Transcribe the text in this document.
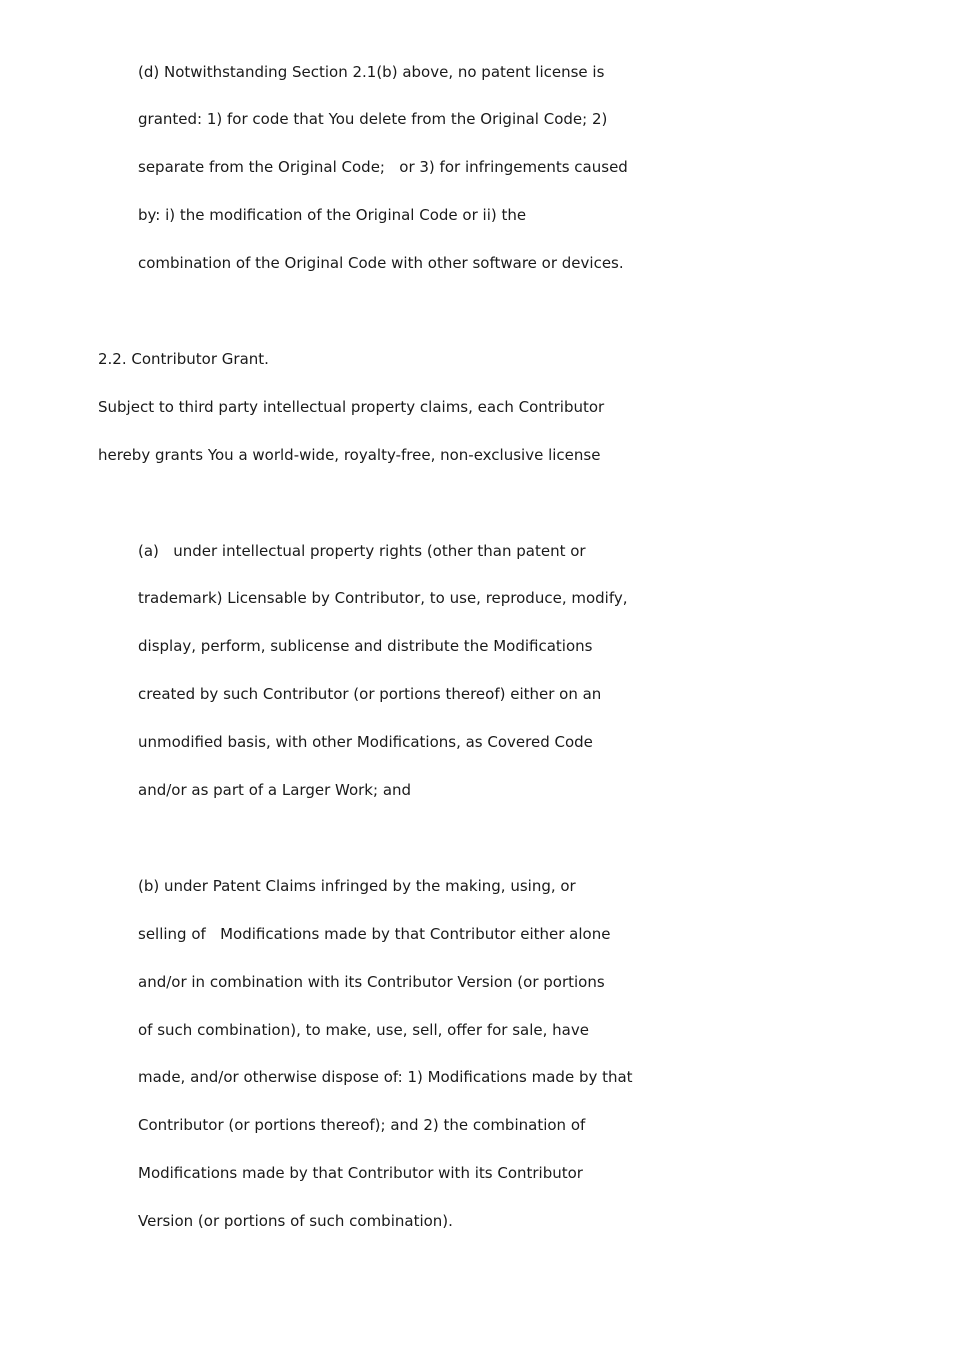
(d) Notwithstanding Section 2.1(b) above, no patent license is

granted: 1) for code that You delete from the Original Code; 2)

separate from the Original Code;   or 3) for infringements caused

by: i) the modification of the Original Code or ii) the

combination of the Original Code with other software or devices.

2.2. Contributor Grant.

Subject to third party intellectual property claims, each Contributor

hereby grants You a world-wide, royalty-free, non-exclusive license

(a)   under intellectual property rights (other than patent or

trademark) Licensable by Contributor, to use, reproduce, modify,

display, perform, sublicense and distribute the Modifications

created by such Contributor (or portions thereof) either on an

unmodified basis, with other Modifications, as Covered Code

and/or as part of a Larger Work; and

(b) under Patent Claims infringed by the making, using, or

selling of   Modifications made by that Contributor either alone

and/or in combination with its Contributor Version (or portions

of such combination), to make, use, sell, offer for sale, have

made, and/or otherwise dispose of: 1) Modifications made by that

Contributor (or portions thereof); and 2) the combination of

Modifications made by that Contributor with its Contributor

Version (or portions of such combination).
